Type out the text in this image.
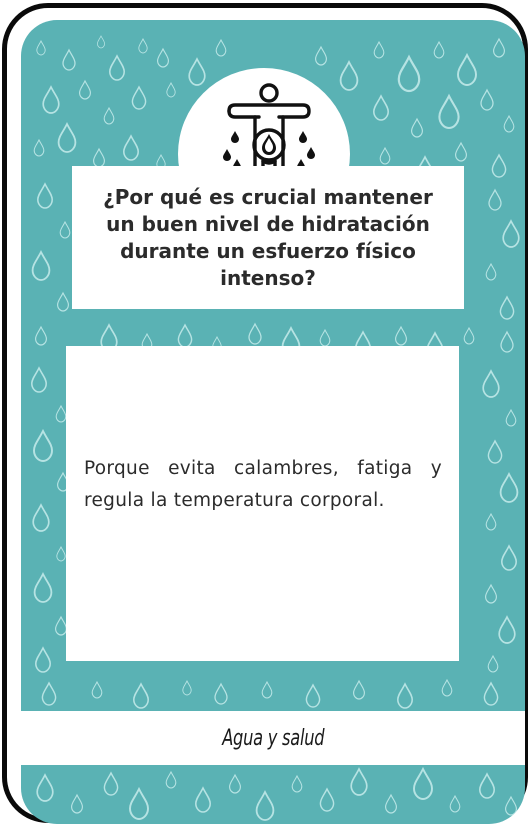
Agua y salud

¿Por qué es crucial mantener un buen nivel de hidratación durante un esfuerzo físico intenso?

Porque evita calambres, fatiga y regula la temperatura corporal.
